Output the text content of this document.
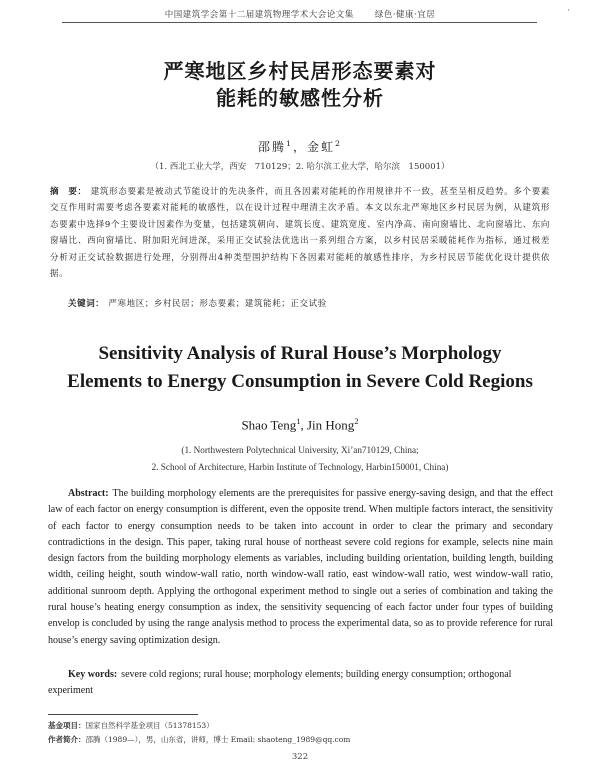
中国建筑学会第十二届建筑物理学术大会论文集　 绿色·健康·宜居	·
严寒地区乡村民居形态要素对
能耗的敏感性分析
邵腾$^1$，金虹$^2$
（1. 西北工业大学，西安　710129；2. 哈尔滨工业大学，哈尔滨　150001）
摘　要： 建筑形态要素是被动式节能设计的先决条件，而且各因素对能耗的作用规律并不一致，甚至呈相反趋势。多个要素交互作用时需要考虑各要素对能耗的敏感性，以在设计过程中理清主次矛盾。本文以东北严寒地区乡村民居为例，从建筑形态要素中选择9个主要设计因素作为变量，包括建筑朝向、建筑长度、建筑宽度、室内净高、南向窗墙比、北向窗墙比、东向窗墙比、西向窗墙比、附加阳光间进深，采用正交试验法优选出一系列组合方案，以乡村民居采暖能耗作为指标，通过极差分析对正交试验数据进行处理，分别得出4种类型围护结构下各因素对能耗的敏感性排序，为乡村民居节能优化设计提供依据。
关键词： 严寒地区；乡村民居；形态要素；建筑能耗；正交试验
Sensitivity Analysis of Rural House’s Morphology
Elements to Energy Consumption in Severe Cold Regions
Shao Teng$^1$, Jin Hong$^2$
(1. Northwestern Polytechnical University, Xi’an710129, China;
2. School of Architecture, Harbin Institute of Technology, Harbin150001, China)
Abstract: The building morphology elements are the prerequisites for passive energy-saving design, and that the effect law of each factor on energy consumption is different, even the opposite trend. When multiple factors interact, the sensitivity of each factor to energy consumption needs to be taken into account in order to clear the primary and secondary contradictions in the design. This paper, taking rural house of northeast severe cold regions for example, selects nine main design factors from the building morphology elements as variables, including building orientation, building length, building width, ceiling height, south window-wall ratio, north window-wall ratio, east window-wall ratio, west window-wall ratio, additional sunroom depth. Applying the orthogonal experiment method to single out a series of combination and taking the rural house’s heating energy consumption as index, the sensitivity sequencing of each factor under four types of building envelop is concluded by using the range analysis method to process the experimental data, so as to provide reference for rural house’s energy saving optimization design.
Key words: severe cold regions; rural house; morphology elements; building energy consumption; orthogonal experiment
基金项目：国家自然科学基金项目（51378153）
作者简介：邵腾（1989—），男，山东省，讲师，博士 Email: shaoteng_1989@qq.com
322
